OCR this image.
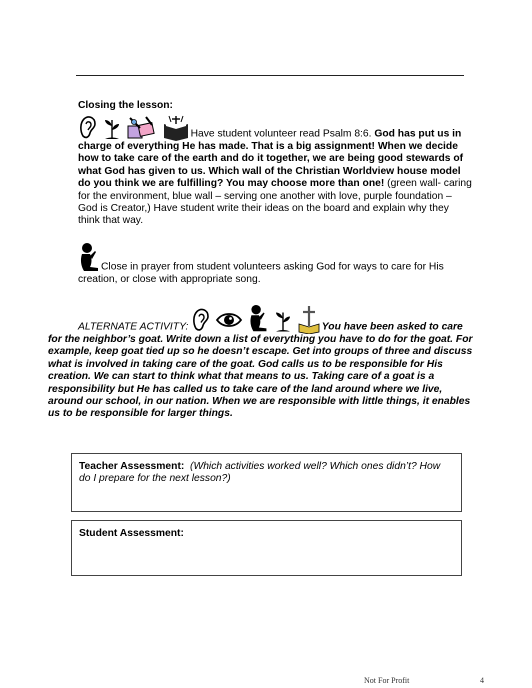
Closing the lesson:
Have student volunteer read Psalm 8:6. God has put us in charge of everything He has made. That is a big assignment! When we decide how to take care of the earth and do it together, we are being good stewards of what God has given to us. Which wall of the Christian Worldview house model do you think we are fulfilling? You may choose more than one! (green wall- caring for the environment, blue wall – serving one another with love, purple foundation – God is Creator,) Have student write their ideas on the board and explain why they think that way.
Close in prayer from student volunteers asking God for ways to care for His creation, or close with appropriate song.
ALTERNATE ACTIVITY:	You have been asked to care for the neighbor’s goat. Write down a list of everything you have to do for the goat. For example, keep goat tied up so he doesn’t escape. Get into groups of three and discuss what is involved in taking care of the goat. God calls us to be responsible for His creation. We can start to think what that means to us. Taking care of a goat is a responsibility but He has called us to take care of the land around where we live, around our school, in our nation. When we are responsible with little things, it enables us to be responsible for larger things.
Teacher Assessment: (Which activities worked well? Which ones didn’t? How do I prepare for the next lesson?)
Student Assessment:
Not For Profit	4
